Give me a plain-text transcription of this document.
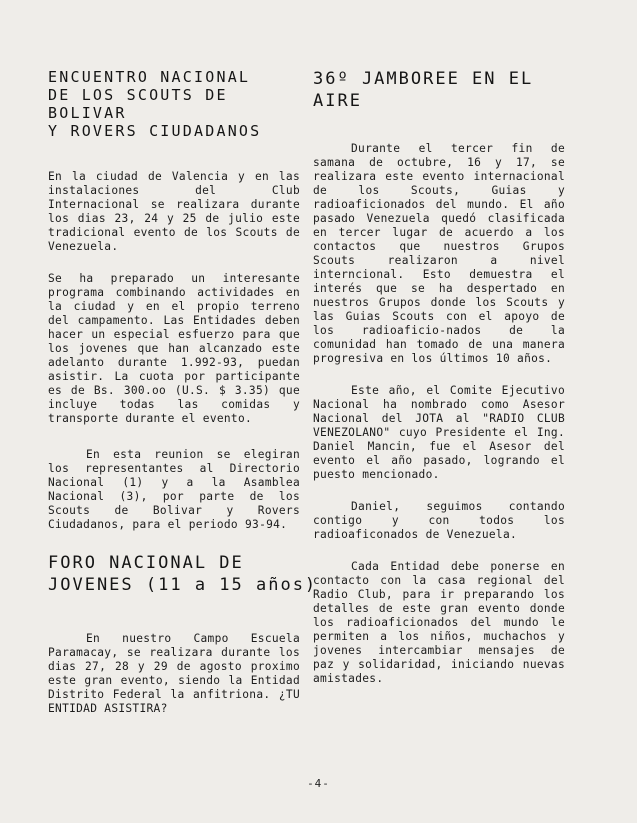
ENCUENTRO NACIONAL
DE LOS SCOUTS DE
BOLIVAR
Y ROVERS CIUDADANOS

En la ciudad de Valencia y en las instalaciones del Club Internacional se realizara durante los dias 23, 24 y 25 de julio este tradicional evento de los Scouts de Venezuela.

Se ha preparado un interesante programa combinando actividades en la ciudad y en el propio terreno del campamento. Las Entidades deben hacer un especial esfuerzo para que los jovenes que han alcanzado este adelanto durante 1.992-93, puedan asistir. La cuota por participante es de Bs. 300.oo (U.S. $ 3.35) que incluye todas las comidas y transporte durante el evento.

En esta reunion se elegiran los representantes al Directorio Nacional (1) y a la Asamblea Nacional (3), por parte de los Scouts de Bolivar y Rovers Ciudadanos, para el periodo 93-94.

FORO NACIONAL DE
JOVENES (11 a 15 años)

En nuestro Campo Escuela Paramacay, se realizara durante los dias 27, 28 y 29 de agosto proximo este gran evento, siendo la Entidad Distrito Federal la anfitriona. ¿TU ENTIDAD ASISTIRA?

36º JAMBOREE EN EL
AIRE

Durante el tercer fin de samana de octubre, 16 y 17, se realizara este evento internacional de los Scouts, Guias y radioaficionados del mundo. El año pasado Venezuela quedó clasificada en tercer lugar de acuerdo a los contactos que nuestros Grupos Scouts realizaron a nivel interncional. Esto demuestra el interés que se ha despertado en nuestros Grupos donde los Scouts y las Guias Scouts con el apoyo de los radioaficio-nados de la comunidad han tomado de una manera progresiva en los últimos 10 años.

Este año, el Comite Ejecutivo Nacional ha nombrado como Asesor Nacional del JOTA al "RADIO CLUB VENEZOLANO" cuyo Presidente el Ing. Daniel Mancin, fue el Asesor del evento el año pasado, logrando el puesto mencionado.

Daniel, seguimos contando contigo y con todos los radioaficonados de Venezuela.

Cada Entidad debe ponerse en contacto con la casa regional del Radio Club, para ir preparando los detalles de este gran evento donde los radioaficionados del mundo le permiten a los niños, muchachos y jovenes intercambiar mensajes de paz y solidaridad, iniciando nuevas amistades.

-4-
